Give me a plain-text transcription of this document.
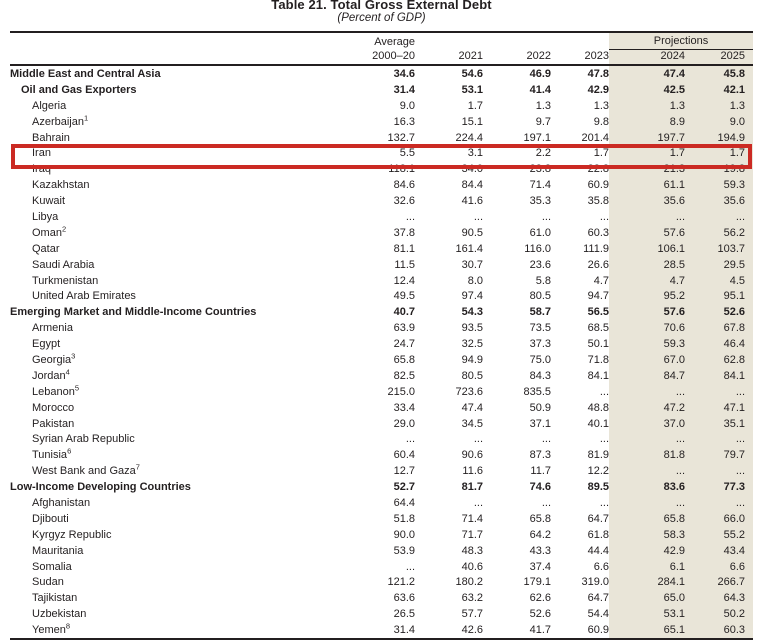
Table 21. Total Gross External Debt
(Percent of GDP)
	Average				Projections	
	2000–20	2021	2022	2023	2024	2025
Middle East and Central Asia	34.6	54.6	46.9	47.8	47.4	45.8
Oil and Gas Exporters	31.4	53.1	41.4	42.9	42.5	42.1
Algeria	9.0	1.7	1.3	1.3	1.3	1.3
Azerbaijan$^1$	16.3	15.1	9.7	9.8	8.9	9.0
Bahrain	132.7	224.4	197.1	201.4	197.7	194.9
Iran	5.5	3.1	2.2	1.7	1.7	1.7
Iraq	118.1	34.0	23.8	22.8	21.3	19.8
Kazakhstan	84.6	84.4	71.4	60.9	61.1	59.3
Kuwait	32.6	41.6	35.3	35.8	35.6	35.6
Libya	...	...	...	...	...	...
Oman$^2$	37.8	90.5	61.0	60.3	57.6	56.2
Qatar	81.1	161.4	116.0	111.9	106.1	103.7
Saudi Arabia	11.5	30.7	23.6	26.6	28.5	29.5
Turkmenistan	12.4	8.0	5.8	4.7	4.7	4.5
United Arab Emirates	49.5	97.4	80.5	94.7	95.2	95.1
Emerging Market and Middle-Income Countries	40.7	54.3	58.7	56.5	57.6	52.6
Armenia	63.9	93.5	73.5	68.5	70.6	67.8
Egypt	24.7	32.5	37.3	50.1	59.3	46.4
Georgia$^3$	65.8	94.9	75.0	71.8	67.0	62.8
Jordan$^4$	82.5	80.5	84.3	84.1	84.7	84.1
Lebanon$^5$	215.0	723.6	835.5	...	...	...
Morocco	33.4	47.4	50.9	48.8	47.2	47.1
Pakistan	29.0	34.5	37.1	40.1	37.0	35.1
Syrian Arab Republic	...	...	...	...	...	...
Tunisia$^6$	60.4	90.6	87.3	81.9	81.8	79.7
West Bank and Gaza$^7$	12.7	11.6	11.7	12.2	...	...
Low-Income Developing Countries	52.7	81.7	74.6	89.5	83.6	77.3
Afghanistan	64.4	...	...	...	...	...
Djibouti	51.8	71.4	65.8	64.7	65.8	66.0
Kyrgyz Republic	90.0	71.7	64.2	61.8	58.3	55.2
Mauritania	53.9	48.3	43.3	44.4	42.9	43.4
Somalia	...	40.6	37.4	6.6	6.1	6.6
Sudan	121.2	180.2	179.1	319.0	284.1	266.7
Tajikistan	63.6	63.2	62.6	64.7	65.0	64.3
Uzbekistan	26.5	57.7	52.6	54.4	53.1	50.2
Yemen$^8$	31.4	42.6	41.7	60.9	65.1	60.3
